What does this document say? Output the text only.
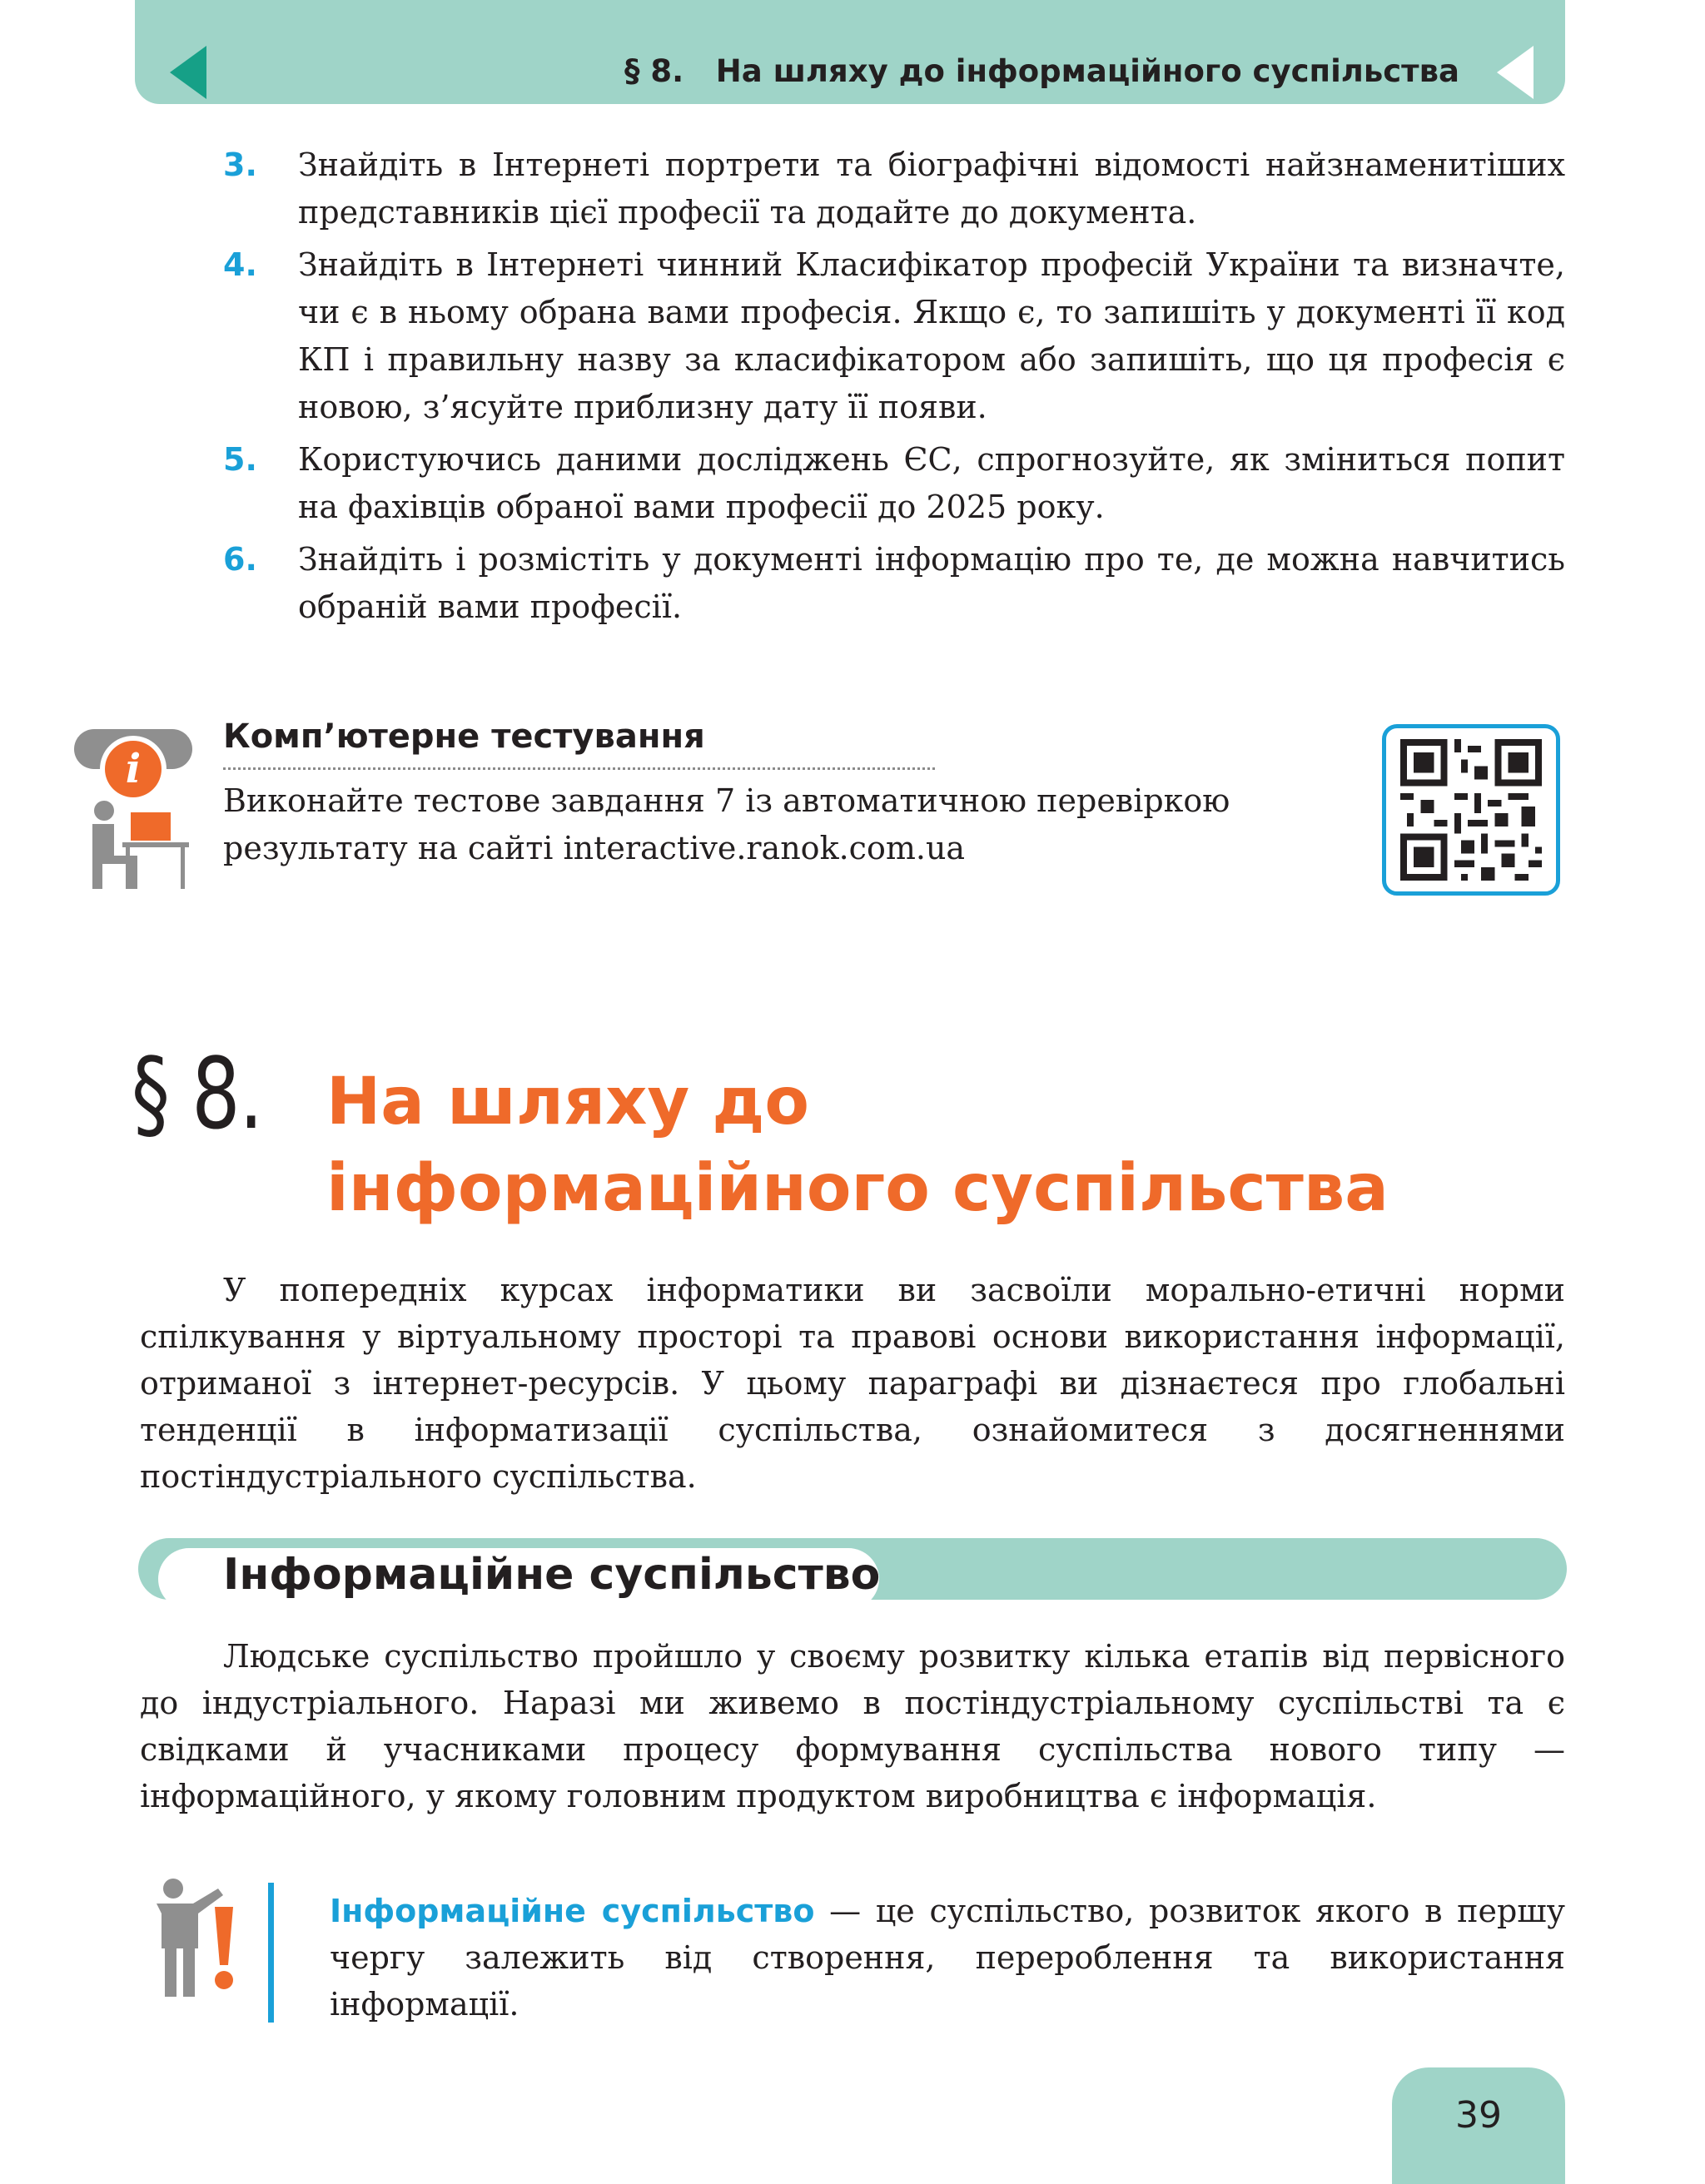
§ 8.   На шляху до інформаційного суспільства
3.	Знайдіть в Інтернеті портрети та біографічні відомості найзнаменитіших представників цієї професії та додайте до документа.
4.	Знайдіть в Інтернеті чинний Класифікатор професій України та визначте, чи є в ньому обрана вами професія. Якщо є, то запишіть у документі її код КП і правильну назву за класифікатором або запишіть, що ця професія є новою, з’ясуйте приблизну дату її появи.
5.	Користуючись даними досліджень ЄС, спрогнозуйте, як зміниться попит на фахівців обраної вами професії до 2025 року.
6.	Знайдіть і розмістіть у документі інформацію про те, де можна навчитись обраній вами професії.
i
Комп’ютерне тестування
Виконайте тестове завдання 7 із автоматичною перевіркою результату на сайті interactive.ranok.com.ua
§ 8. На шляху до інформаційного суспільства
У попередніх курсах інформатики ви засвоїли морально-етичні норми спілкування у віртуальному просторі та правові основи використання інформації, отриманої з інтернет-ресурсів. У цьому параграфі ви дізнаєтеся про глобальні тенденції в інформатизації суспільства, ознайомитеся з досягненнями постіндустріального суспільства.
Інформаційне суспільство
Людське суспільство пройшло у своєму розвитку кілька етапів від первісного до індустріального. Наразі ми живемо в постіндустріальному суспільстві та є свідками й учасниками процесу формування суспільства нового типу — інформаційного, у якому головним продуктом виробництва є інформація.
Інформаційне суспільство — це суспільство, розвиток якого в першу чергу залежить від створення, перероблення та використання інформації.
39
